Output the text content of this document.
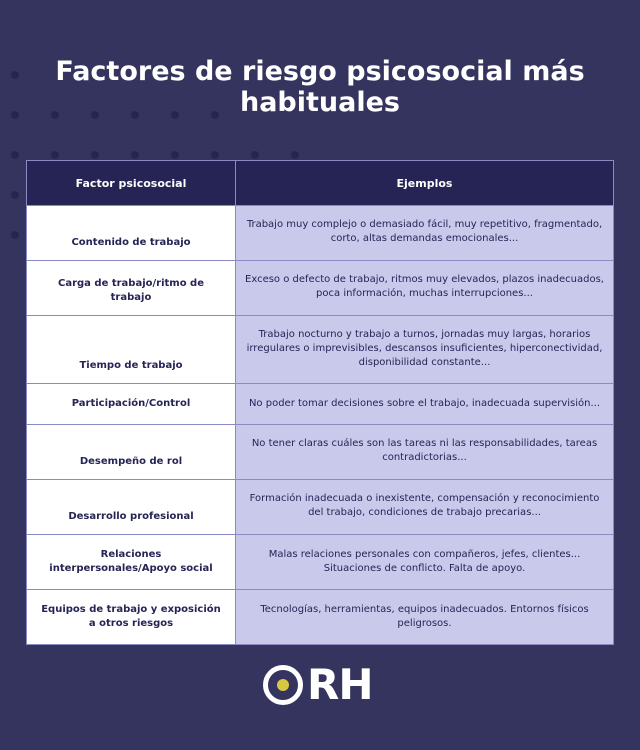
Factores de riesgo psicosocial más habituales
Factor psicosocial	Ejemplos
Contenido de trabajo
Trabajo muy complejo o demasiado fácil, muy repetitivo, fragmentado, corto, altas demandas emocionales...
Carga de trabajo/ritmo de trabajo
Exceso o defecto de trabajo, ritmos muy elevados, plazos inadecuados, poca información, muchas interrupciones...
Tiempo de trabajo
Trabajo nocturno y trabajo a turnos, jornadas muy largas, horarios irregulares o imprevisibles, descansos insuficientes, hiperconectividad, disponibilidad constante...
Participación/Control	No poder tomar decisiones sobre el trabajo, inadecuada supervisión...
Desempeño de rol
No tener claras cuáles son las tareas ni las responsabilidades, tareas contradictorias...
Desarrollo profesional
Formación inadecuada o inexistente, compensación y reconocimiento del trabajo, condiciones de trabajo precarias...
Relaciones interpersonales/Apoyo social
Malas relaciones personales con compañeros, jefes, clientes... Situaciones de conflicto. Falta de apoyo.
Equipos de trabajo y exposición a otros riesgos
Tecnologías, herramientas, equipos inadecuados. Entornos físicos peligrosos.
RH
